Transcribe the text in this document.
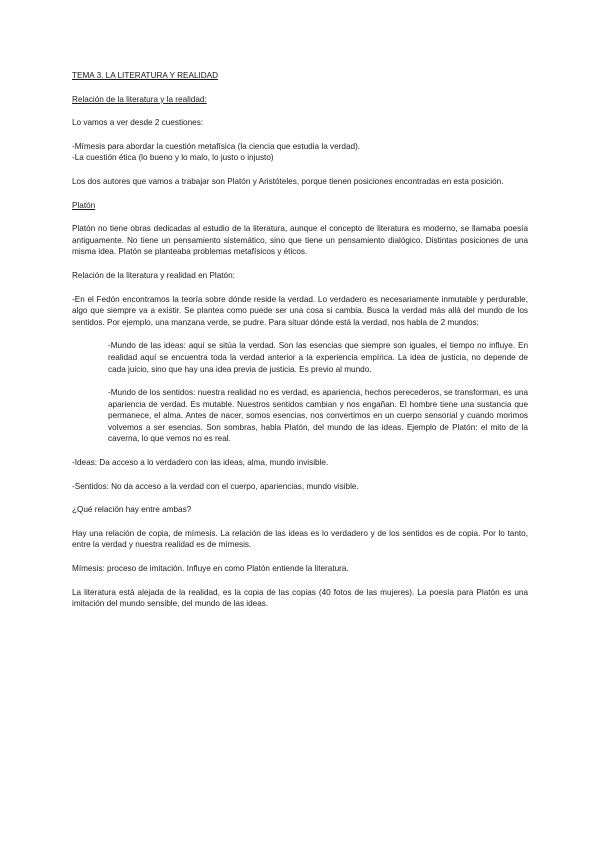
TEMA 3. LA LITERATURA Y REALIDAD

Relación de la literatura y la realidad:

Lo vamos a ver desde 2 cuestiones:

-Mímesis para abordar la cuestión metafísica (la ciencia que estudia la verdad).

-La cuestión ética (lo bueno y lo malo, lo justo o injusto)

Los dos autores que vamos a trabajar son Platón y Aristóteles, porque tienen posiciones encontradas en esta posición.

Platón

Platón no tiene obras dedicadas al estudio de la literatura, aunque el concepto de literatura es moderno, se llamaba poesía antiguamente. No tiene un pensamiento sistemático, sino que tiene un pensamiento dialógico. Distintas posiciones de una misma idea. Platón se planteaba problemas metafísicos y éticos.

Relación de la literatura y realidad en Platón:

-En el Fedón encontramos la teoría sobre dónde reside la verdad. Lo verdadero es necesariamente inmutable y perdurable, algo que siempre va a existir. Se plantea como puede ser una cosa si cambia. Busca la verdad más allá del mundo de los sentidos. Por ejemplo, una manzana verde, se pudre. Para situar dónde está la verdad, nos habla de 2 mundos:

-Mundo de las ideas: aquí se sitúa la verdad. Son las esencias que siempre son iguales, el tiempo no influye. En realidad aquí se encuentra toda la verdad anterior a la experiencia empírica. La idea de justicia, no depende de cada juicio, sino que hay una idea previa de justicia. Es previo al mundo.

-Mundo de los sentidos: nuestra realidad no es verdad, es apariencia, hechos perecederos, se transforman, es una apariencia de verdad. Es mutable. Nuestros sentidos cambian y nos engañan. El hombre tiene una sustancia que permanece, el alma. Antes de nacer, somos esencias, nos convertimos en un cuerpo sensorial y cuando morimos volvemos a ser esencias. Son sombras, habla Platón, del mundo de las ideas. Ejemplo de Platón: el mito de la caverna, lo que vemos no es real.

-Ideas: Da acceso a lo verdadero con las ideas, alma, mundo invisible.

-Sentidos: No da acceso a la verdad con el cuerpo, apariencias, mundo visible.

¿Qué relación hay entre ambas?

Hay una relación de copia, de mímesis. La relación de las ideas es lo verdadero y de los sentidos es de copia. Por lo tanto, entre la verdad y nuestra realidad es de mímesis.

Mímesis: proceso de imitación. Influye en como Platón entiende la literatura.

La literatura está alejada de la realidad, es la copia de las copias (40 fotos de las mujeres). La poesía para Platón es una imitación del mundo sensible, del mundo de las ideas.
